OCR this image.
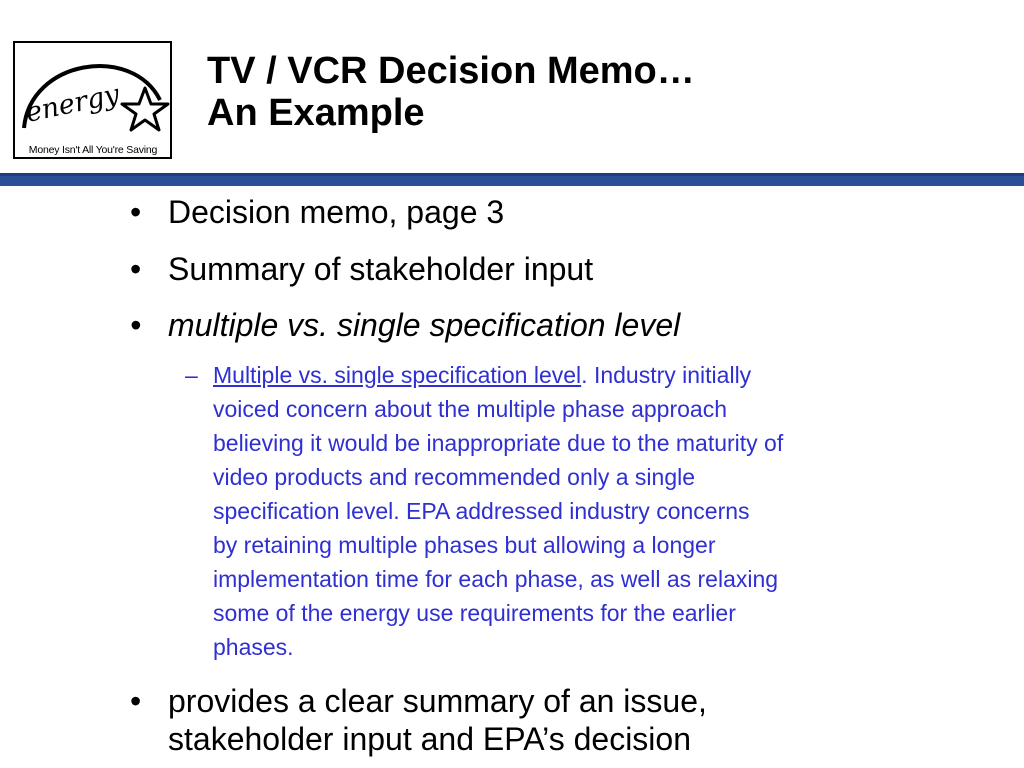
energy
Money Isn't All You're Saving
TV / VCR Decision Memo…
An Example

• Decision memo, page 3

• Summary of stakeholder input

• multiple vs. single specification level

– Multiple vs. single specification level. Industry initially
voiced concern about the multiple phase approach
believing it would be inappropriate due to the maturity of
video products and recommended only a single
specification level. EPA addressed industry concerns
by retaining multiple phases but allowing a longer
implementation time for each phase, as well as relaxing
some of the energy use requirements for the earlier
phases.

• provides a clear summary of an issue,
stakeholder input and EPA’s decision
